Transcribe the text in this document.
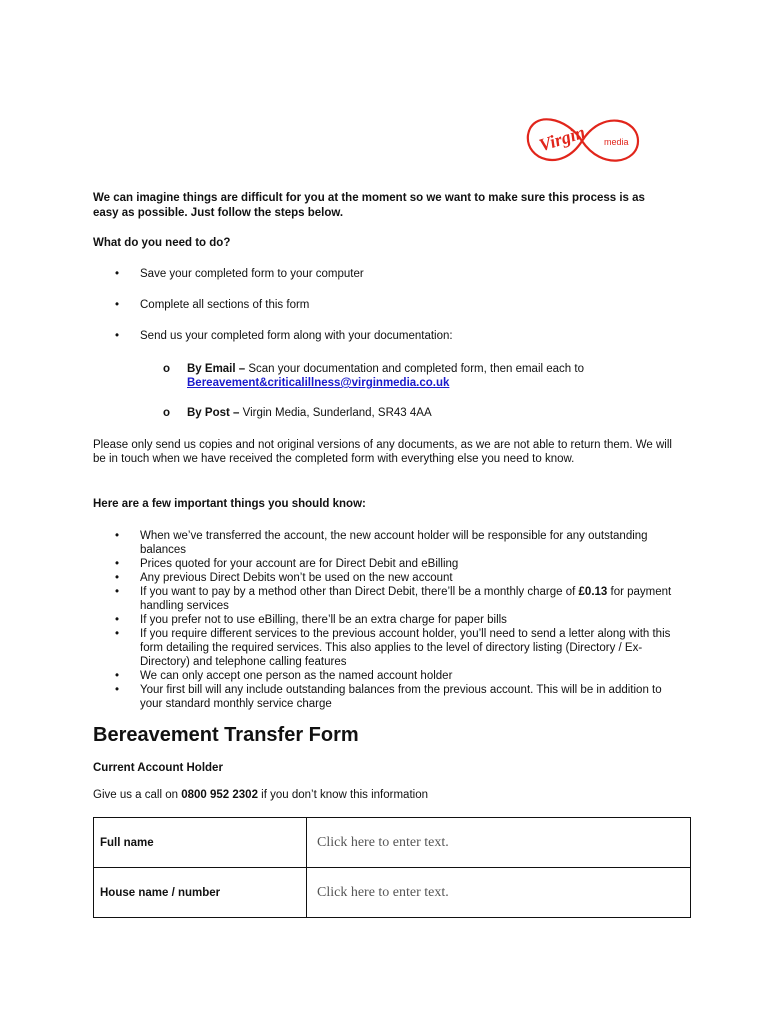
Virgin media
We can imagine things are difficult for you at the moment so we want to make sure this process is as easy as possible. Just follow the steps below.
What do you need to do?
• Save your completed form to your computer
• Complete all sections of this form
• Send us your completed form along with your documentation:
o By Email – Scan your documentation and completed form, then email each to
Bereavement&criticalillness@virginmedia.co.uk
o By Post – Virgin Media, Sunderland, SR43 4AA
Please only send us copies and not original versions of any documents, as we are not able to return them. We will be in touch when we have received the completed form with everything else you need to know.
Here are a few important things you should know:
• When we’ve transferred the account, the new account holder will be responsible for any outstanding balances
• Prices quoted for your account are for Direct Debit and eBilling
• Any previous Direct Debits won’t be used on the new account
• If you want to pay by a method other than Direct Debit, there’ll be a monthly charge of £0.13 for payment handling services
• If you prefer not to use eBilling, there’ll be an extra charge for paper bills
• If you require different services to the previous account holder, you’ll need to send a letter along with this form detailing the required services. This also applies to the level of directory listing (Directory / Ex-Directory) and telephone calling features
• We can only accept one person as the named account holder
• Your first bill will any include outstanding balances from the previous account. This will be in addition to your standard monthly service charge
Bereavement Transfer Form
Current Account Holder
Give us a call on 0800 952 2302 if you don’t know this information
Full name	Click here to enter text.
House name / number	Click here to enter text.
